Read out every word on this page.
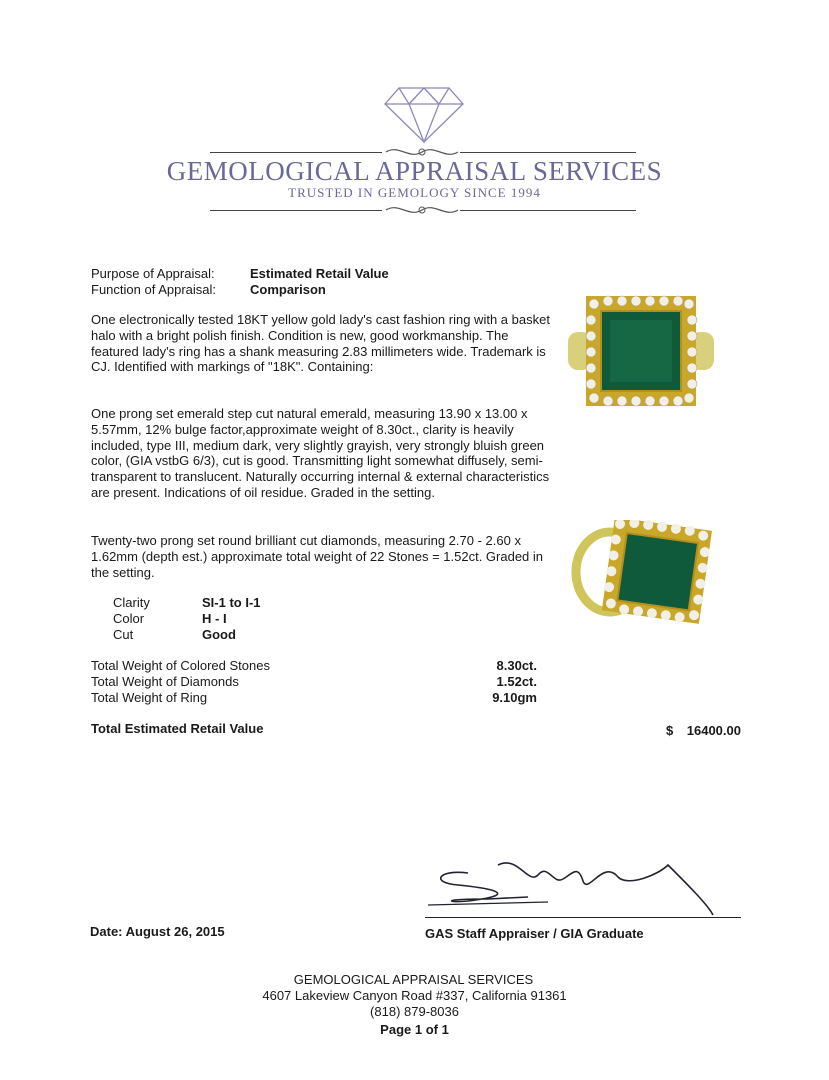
GEMOLOGICAL APPRAISAL SERVICES
TRUSTED IN GEMOLOGY SINCE 1994
Purpose of Appraisal:	Estimated Retail Value
Function of Appraisal:	Comparison

One electronically tested 18KT yellow gold lady's cast fashion ring with a basket halo with a bright polish finish. Condition is new, good workmanship. The featured lady's ring has a shank measuring 2.83 millimeters wide. Trademark is CJ. Identified with markings of "18K". Containing:

One prong set emerald step cut natural emerald, measuring 13.90 x 13.00 x 5.57mm, 12% bulge factor,approximate weight of 8.30ct., clarity is heavily included, type III, medium dark, very slightly grayish, very strongly bluish green color, (GIA vstbG 6/3), cut is good. Transmitting light somewhat diffusely, semi-transparent to translucent. Naturally occurring internal & external characteristics are present. Indications of oil residue. Graded in the setting.

Twenty-two prong set round brilliant cut diamonds, measuring 2.70 - 2.60 x 1.62mm (depth est.) approximate total weight of 22 Stones = 1.52ct. Graded in the setting.

Clarity	SI-1 to I-1
Color	H - I
Cut	Good
Total Weight of Colored Stones	8.30ct.
Total Weight of Diamonds	1.52ct.
Total Weight of Ring	9.10gm
Total Estimated Retail Value	$	16400.00
Date: August 26, 2015	GAS Staff Appraiser / GIA Graduate
GEMOLOGICAL APPRAISAL SERVICES
4607 Lakeview Canyon Road #337, California 91361
(818) 879-8036
Page 1 of 1
